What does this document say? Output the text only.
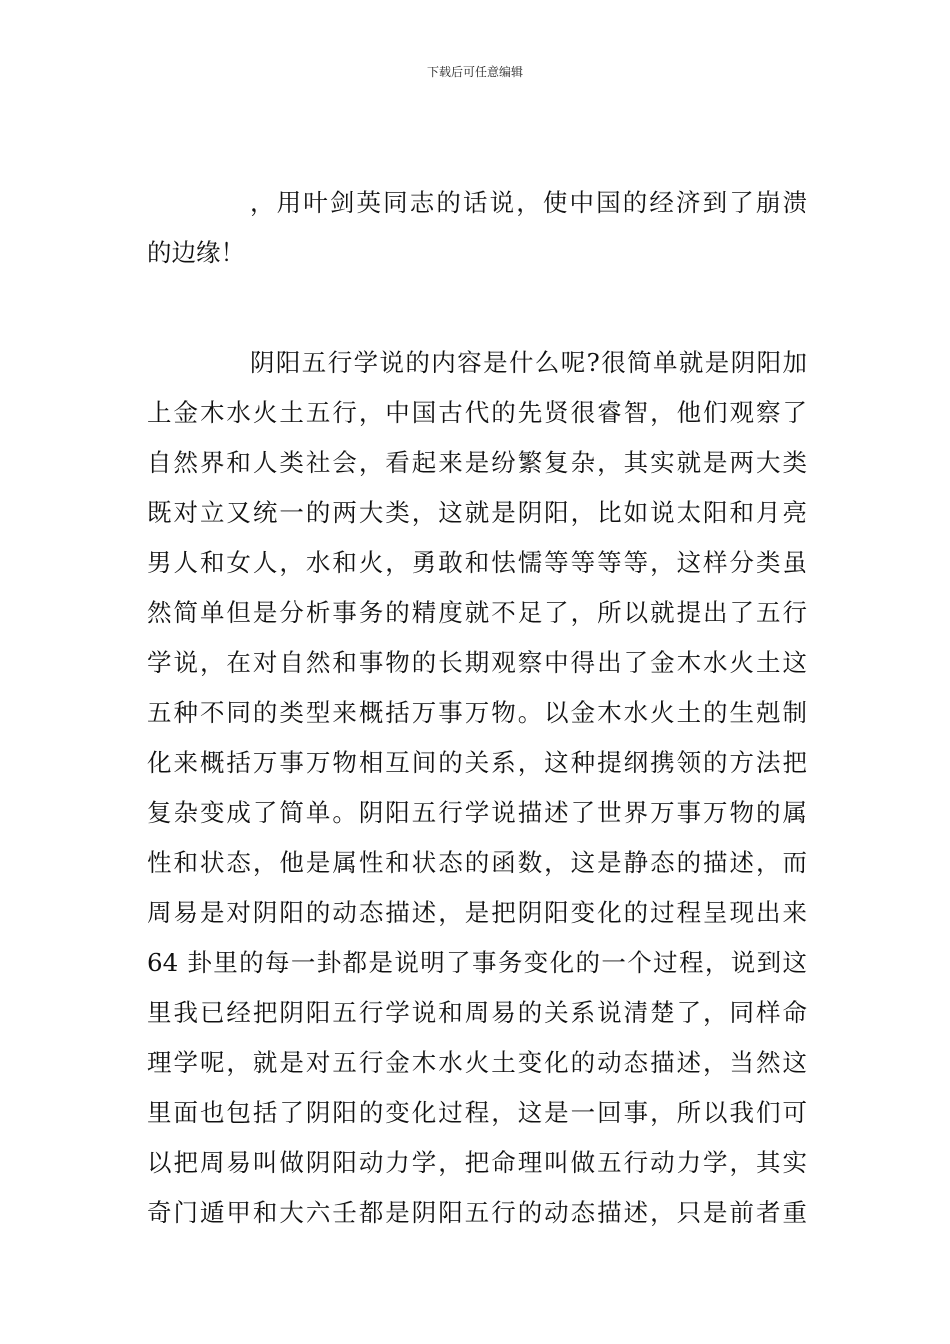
下载后可任意编辑
，用叶剑英同志的话说，使中国的经济到了崩溃
的边缘！
阴阳五行学说的内容是什么呢?很简单就是阴阳加
上金木水火土五行，中国古代的先贤很睿智，他们观察了
自然界和人类社会，看起来是纷繁复杂，其实就是两大类
既对立又统一的两大类，这就是阴阳，比如说太阳和月亮
男人和女人，水和火，勇敢和怯懦等等等等，这样分类虽
然简单但是分析事务的精度就不足了，所以就提出了五行
学说，在对自然和事物的长期观察中得出了金木水火土这
五种不同的类型来概括万事万物。以金木水火土的生剋制
化来概括万事万物相互间的关系，这种提纲携领的方法把
复杂变成了简单。阴阳五行学说描述了世界万事万物的属
性和状态，他是属性和状态的函数，这是静态的描述，而
周易是对阴阳的动态描述，是把阴阳变化的过程呈现出来
64 卦里的每一卦都是说明了事务变化的一个过程，说到这
里我已经把阴阳五行学说和周易的关系说清楚了，同样命
理学呢，就是对五行金木水火土变化的动态描述，当然这
里面也包括了阴阳的变化过程，这是一回事，所以我们可
以把周易叫做阴阳动力学，把命理叫做五行动力学，其实
奇门遁甲和大六壬都是阴阳五行的动态描述，只是前者重
